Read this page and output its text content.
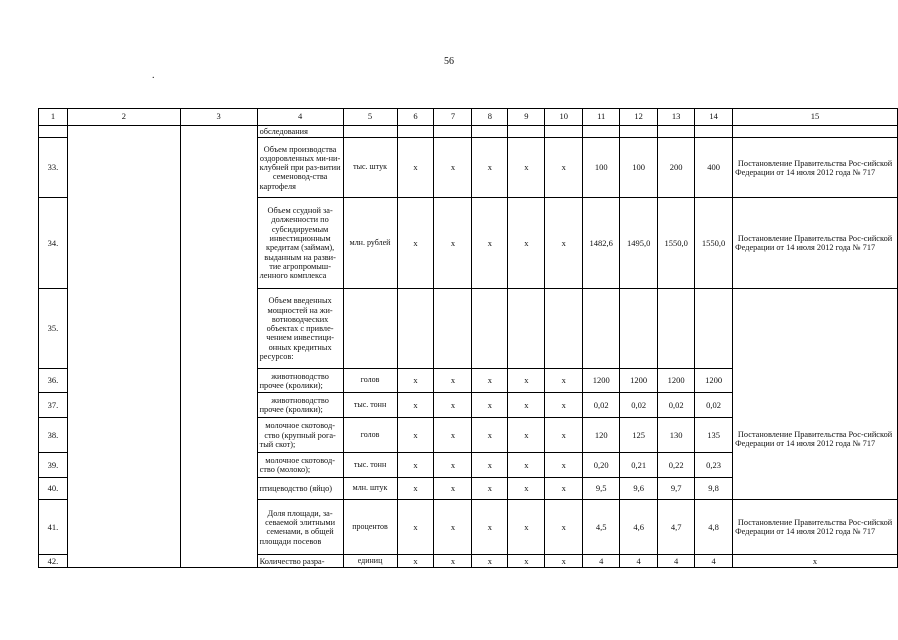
56
.
1	2	3	4	5	6	7	8	9	10	11	12	13	14	15
			обследования											
33.			Объем производства оздоровленных ми-ни-клубней при раз-витии семеновод-ства картофеля	тыс. штук	х	х	х	х	х	100	100	200	400	Постановление Правительства Рос-сийской Федерации от 14 июля 2012 года № 717
34.			Объем ссудной за-долженности по субсидируемым инвестиционным кредитам (займам), выданным на разви-тие агропромыш-ленного комплекса	млн. рублей	х	х	х	х	х	1482,6	1495,0	1550,0	1550,0	Постановление Правительства Рос-сийской Федерации от 14 июля 2012 года № 717
35.			Объем введенных мощностей на жи-вотноводческих объектах с привле-чением инвестици-онных кредитных ресурсов:											Постановление Правительства Рос-сийской Федерации от 14 июля 2012 года № 717
36.			животноводство прочее (кролики);	голов	х	х	х	х	х	1200	1200	1200	1200	
37.			животноводство прочее (кролики);	тыс. тонн	х	х	х	х	х	0,02	0,02	0,02	0,02	
38.			молочное скотовод-ство (крупный рога-тый скот);	голов	х	х	х	х	х	120	125	130	135	
39.			молочное скотовод-ство (молоко);	тыс. тонн	х	х	х	х	х	0,20	0,21	0,22	0,23	
40.			птицеводство (яйцо)	млн. штук	х	х	х	х	х	9,5	9,6	9,7	9,8	
41.			Доля площади, за-севаемой элитными семенами, в общей площади посевов	процентов	х	х	х	х	х	4,5	4,6	4,7	4,8	Постановление Правительства Рос-сийской Федерации от 14 июля 2012 года № 717
42.			Количество разра-	единиц	х	х	х	х	х	4	4	4	4	х
